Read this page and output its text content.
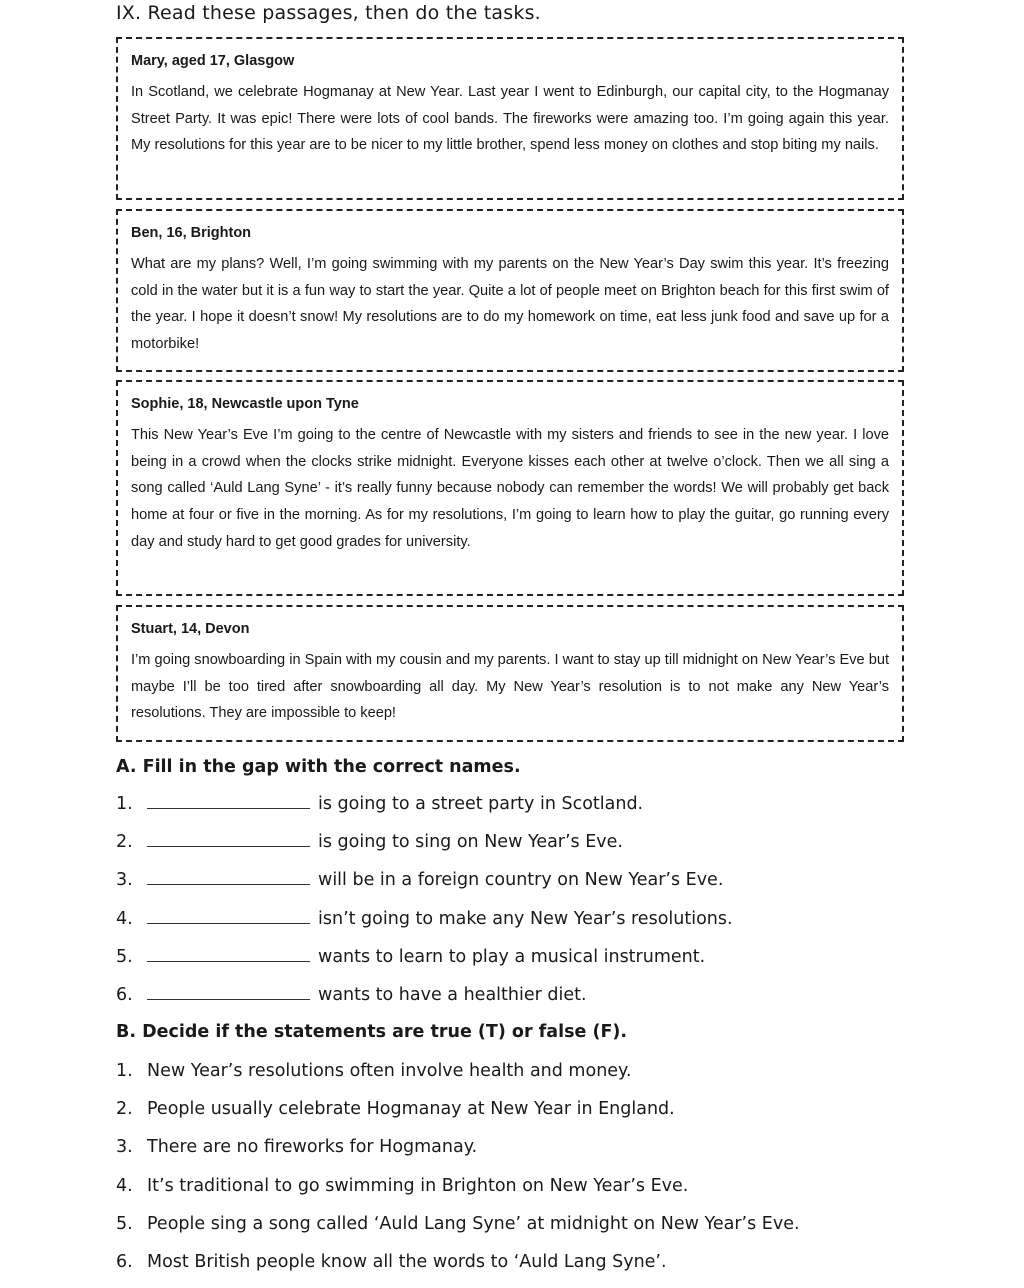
IX. Read these passages, then do the tasks.
Mary, aged 17, Glasgow

In Scotland, we celebrate Hogmanay at New Year. Last year I went to Edinburgh, our capital city, to the Hogmanay Street Party. It was epic! There were lots of cool bands. The fireworks were amazing too. I’m going again this year. My resolutions for this year are to be nicer to my little brother, spend less money on clothes and stop biting my nails.

Ben, 16, Brighton

What are my plans? Well, I’m going swimming with my parents on the New Year’s Day swim this year. It’s freezing cold in the water but it is a fun way to start the year. Quite a lot of people meet on Brighton beach for this first swim of the year. I hope it doesn’t snow! My resolutions are to do my homework on time, eat less junk food and save up for a motorbike!

Sophie, 18, Newcastle upon Tyne

This New Year’s Eve I’m going to the centre of Newcastle with my sisters and friends to see in the new year. I love being in a crowd when the clocks strike midnight. Everyone kisses each other at twelve o’clock. Then we all sing a song called ‘Auld Lang Syne’ - it’s really funny because nobody can remember the words! We will probably get back home at four or five in the morning. As for my resolutions, I’m going to learn how to play the guitar, go running every day and study hard to get good grades for university.

Stuart, 14, Devon

I’m going snowboarding in Spain with my cousin and my parents. I want to stay up till midnight on New Year’s Eve but maybe I’ll be too tired after snowboarding all day. My New Year’s resolution is to not make any New Year’s resolutions. They are impossible to keep!

A. Fill in the gap with the correct names.
1.	is going to a street party in Scotland.
2.	is going to sing on New Year’s Eve.
3.	will be in a foreign country on New Year’s Eve.
4.	isn’t going to make any New Year’s resolutions.
5.	wants to learn to play a musical instrument.
6.	wants to have a healthier diet.
B. Decide if the statements are true (T) or false (F).
1. New Year’s resolutions often involve health and money.
2. People usually celebrate Hogmanay at New Year in England.
3. There are no fireworks for Hogmanay.
4. It’s traditional to go swimming in Brighton on New Year’s Eve.
5. People sing a song called ‘Auld Lang Syne’ at midnight on New Year’s Eve.
6. Most British people know all the words to ‘Auld Lang Syne’.
